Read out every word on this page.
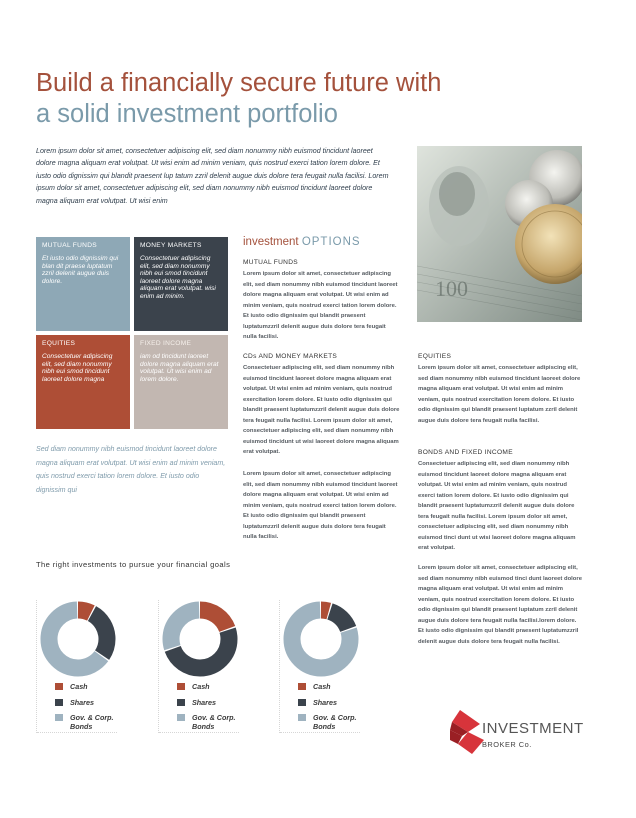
Build a financially secure future with
a solid investment portfolio

Lorem ipsum dolor sit amet, consectetuer adipiscing elit, sed diam nonummy nibh euismod tincidunt laoreet dolore magna aliquam erat volutpat. Ut wisi enim ad minim veniam, quis nostrud exerci tation lorem dolore. Et iusto odio dignissim qui blandit praesent lup tatum zzril delenit augue duis dolore tera feugait nulla facilisi. Lorem ipsum dolor sit amet, consectetuer adipiscing elit, sed diam nonummy nibh euismod tincidunt laoreet dolore magna aliquam erat volutpat. Ut wisi enim

100
MUTUAL FUNDS
Et iusto odio dignissim qui blan dit praese luptatum zzril delenit augue duis dolore.
MONEY MARKETS
Consectetuer adipiscing elit, sed diam nonummy nibh eui smod tincidunt laoreet dolore magna aliquam erat volutpat. wisi enim ad minim.
EQUITIES
Consectetuer adipiscing elit, sed diam nonummy nibh eui smod tincidunt laoreet dolore magna
FIXED INCOME
iam od tincidunt laoreet dolore magna aliquam erat volutpat. Ut wisi enim ad lorem dolore.

Sed diam nonummy nibh euismod tincidunt laoreet dolore magna aliquam erat volutpat. Ut wisi enim ad minim veniam, quis nostrud exerci tation lorem dolore. Et iusto odio dignissim qui

investment OPTIONS
MUTUAL FUNDS

Lorem ipsum dolor sit amet, consectetuer adipiscing elit, sed diam nonummy nibh euismod tincidunt laoreet dolore magna aliquam erat volutpat. Ut wisi enim ad minim veniam, quis nostrud exerci tation lorem dolore. Et iusto odio dignissim qui blandit praesent luptatumzzril delenit augue duis dolore tera feugait nulla facilisi.

CDs AND MONEY MARKETS

Consectetuer adipiscing elit, sed diam nonummy nibh euismod tincidunt laoreet dolore magna aliquam erat volutpat. Ut wisi enim ad minim veniam, quis nostrud exercitation lorem dolore. Et iusto odio dignissim qui blandit praesent luptatumzzril delenit augue duis dolore tera feugait nulla facilisi. Lorem ipsum dolor sit amet, consectetuer adipiscing elit, sed diam nonummy nibh euismod tincidunt ut wisi laoreet dolore magna aliquam erat volutpat.

Lorem ipsum dolor sit amet, consectetuer adipiscing elit, sed diam nonummy nibh euismod tincidunt laoreet dolore magna aliquam erat volutpat. Ut wisi enim ad minim veniam, quis nostrud exerci tation lorem dolore. Et iusto odio dignissim qui blandit praesent luptatumzzril delenit augue duis dolore tera feugait nulla facilisi.

EQUITIES

Lorem ipsum dolor sit amet, consectetuer adipiscing elit, sed diam nonummy nibh euismod tincidunt laoreet dolore magna aliquam erat volutpat. Ut wisi enim ad minim veniam, quis nostrud exercitation lorem dolore. Et iusto odio dignissim qui blandit praesent luptatum zzril delenit augue duis dolore tera feugait nulla facilisi.

BONDS AND FIXED INCOME

Consectetuer adipiscing elit, sed diam nonummy nibh euismod tincidunt laoreet dolore magna aliquam erat volutpat. Ut wisi enim ad minim veniam, quis nostrud exerci tation lorem dolore. Et iusto odio dignissim qui blandit praesent luptatumzzril delenit augue duis dolore tera feugait nulla facilisi. Lorem ipsum dolor sit amet, consectetuer adipiscing elit, sed diam nonummy nibh euismod tinci dunt ut wisi laoreet dolore magna aliquam erat volutpat.

Lorem ipsum dolor sit amet, consectetuer adipiscing elit, sed diam nonummy nibh euismod tinci dunt laoreet dolore magna aliquam erat volutpat. Ut wisi enim ad minim veniam, quis nostrud exercitation lorem dolore. Et iusto odio dignissim qui blandit praesent luptatum zzril delenit augue duis dolore tera feugait nulla facilisi.lorem dolore. Et iusto odio dignissim qui blandit praesent luptatumzzril delenit augue duis dolore tera feugait nulla facilisi.

The right investments to pursue your financial goals
Cash
Shares
Gov. & Corp. Bonds
Cash
Shares
Gov. & Corp. Bonds
Cash
Shares
Gov. & Corp. Bonds	INVESTMENT
BROKER Co.
